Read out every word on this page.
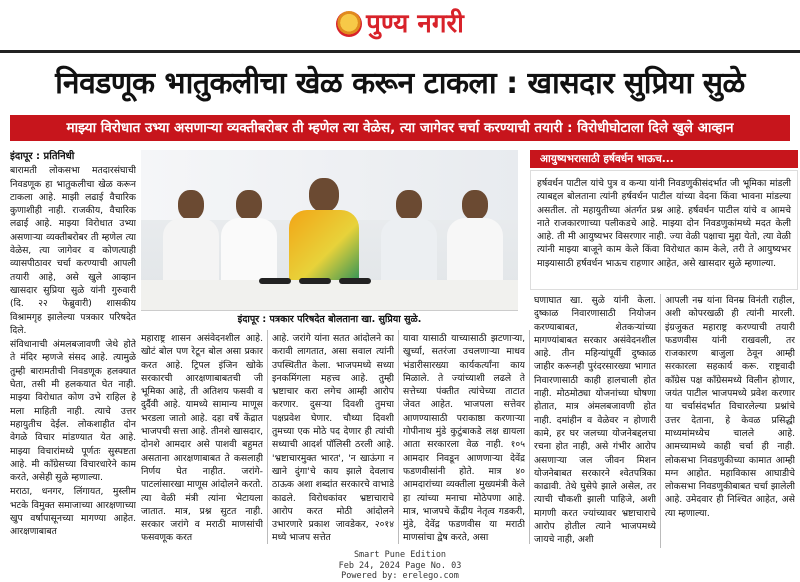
पुण्य नगरी
निवडणूक भातुकलीचा खेळ करून टाकला : खासदार सुप्रिया सुळे
माझ्या विरोधात उभ्या असणाऱ्या व्यक्तीबरोबर ती म्हणेल त्या वेळेस, त्या जागेवर चर्चा करण्याची तयारी : विरोधीघोटाला दिले खुले आव्हान

इंदापूर : प्रतिनिधी

बारामती लोकसभा मतदारसंघाची निवडणूक हा भातुकलीचा खेळ करून टाकला आहे. माझी लढाई वैचारिक कुणाशीही नाही. राजकीय, वैचारिक लढाई आहे. माझ्या विरोधात उभ्या असणाऱ्या व्यक्तीबरोबर ती म्हणेल त्या वेळेस, त्या जागेवर व कोणत्याही व्यासपीठावर चर्चा करण्याची आपली तयारी आहे, असे खुले आव्हान खासदार सुप्रिया सुळे यांनी गुरुवारी (दि. २२ फेब्रुवारी) शासकीय विश्रामगृह झालेल्या पत्रकार परिषदेत दिले.

संविधानाची अंमलबजावणी जेथे होते ते मंदिर म्हणजे संसद आहे. त्यामुळे तुम्ही बारामतीची निवडणूक हलक्यात घेता, तसी मी हलकयात घेत नाही. माझ्या विरोधात कोण उभे राहिल हे मला माहिती नाही. त्याचे उत्तर महायुतीच देईल. लोकशाहीत दोन वेगळे विचार मांडण्यात येत आहे. माझ्या विचारांमध्ये पूर्णतः सुस्पष्टता आहे. मी कॉंग्रेसच्या विचारधारेने काम करते, असेही सुळे म्हणाल्या.

मराठा, धनगर, लिंगायत, मुस्लीम भटके विमुक्त समाजाच्या आरक्षणाच्या खुप वर्षापासूनच्या मागण्या आहेत. आरक्षणाबाबत

इंदापूर : पत्रकार परिषदेत बोलताना खा. सुप्रिया सुळे.
आयुष्यभरासाठी हर्षवर्धन भाऊच...

हर्षवर्धन पाटील यांचे पुत्र व कन्या यांनी निवडणुकीसंदर्भात जी भूमिका मांडली त्याबद्दल बोलताना त्यांनी हर्षवर्धन पाटील यांच्या वेदना किंवा भावना मांडल्या असतील. तो महायुतीच्या अंतर्गत प्रश्न आहे. हर्षवर्धन पाटील यांचे व आमचे नाते राजकारणाच्या पलीकडचे आहे. माझ्या दोन निवडणुकांमध्ये मदत केली आहे. ती मी आयुष्यभर विसरणार नाही. ज्या वेळी पक्षाचा मुद्दा येतो, त्या वेळी त्यांनी माझ्या बाजूने काम केले किंवा विरोधात काम केले, तरी ते आयुष्यभर माझ्यासाठी हर्षवर्धन भाऊच राहणार आहेत, असे खासदार सुळे म्हणाल्या.

महाराष्ट्र शासन असंवेदनशील आहे. खोटं बोल पण रेटून बोल असा प्रकार करत आहे. ट्रिपल इंजिन खोके सरकारची आरक्षणाबाबतची जी भूमिका आहे, ती अतिशय फसवी व दुर्दैवी आहे. यामध्ये सामान्य माणूस भरडला जातो आहे. दहा वर्षे केंद्रात भाजपची सत्ता आहे. तीनशे खासदार, दोनशे आमदार असे पाशवी बहुमत असताना आरक्षणाबाबत ते कसलाही निर्णय घेत नाहीत. जरांगे-पाटलांसारखा माणूस आंदोलने करतो. त्या वेळी मंत्री त्यांना भेटायला जातात. मात्र, प्रश्न सुटत नाही. सरकार जरांगे व मराठी माणसांची फसवणूक करत

आहे. जरांगे यांना सतत आंदोलने का करावी लागतात, असा सवाल त्यांनी उपस्थितीत केला. भाजपमध्ये सध्या इनकमिंगला महत्त्व आहे. तुम्ही भ्रष्टाचार करा लगेच आम्ही आरोप करणार. दुसऱ्या दिवशी तुमचा पक्षप्रवेश घेणार. चौथ्या दिवशी तुमच्या एक मोठे पद देणार ही त्यांची सध्याची आदर्श पॉलिसी ठरली आहे. 'भ्रष्टाचारमुक्त भारत', 'न खाऊंगा न खाने दुंगा'चे काय झाले देवलाच ठाऊक अशा शब्दांत सरकारचे वाभाडे काढले. विरोधकांवर भ्रष्टाचाराचे आरोप करत मोठी आंदोलने उभारणारे प्रकाश जावडेकर, २०१४ मध्ये भाजप सत्तेत

यावा यासाठी याच्यासाठी झटणाऱ्या, खुर्च्या, सतरंजा उचलणाऱ्या माधव भंडारीसारख्या कार्यकर्त्यांना काय मिळाले. ते ज्यांच्याशी लढले ते सत्तेच्या पंक्तीत त्यांचेच्या ताटात जेवत आहेत. भाजपला सत्तेवर आणण्यासाठी पराकाष्ठा करणाऱ्या गोपीनाथ मुंडे कुटुंबाकडे लक्ष द्यायला आता सरकारला वेळ नाही. १०५ आमदार निवडून आणणाऱ्या देवेंद्र फडणवीसांनी होते. मात्र ४० आमदारांच्या व्यक्तीला मुख्यमंत्री केले हा त्यांच्या मनाचा मोठेपणा आहे. मात्र, भाजपचे केंद्रीय नेतृत्व गडकरी, मुंडे, देवेंद्र फडणवीस या मराठी माणसांचा द्वेष करते, असा

घणाघात खा. सुळे यांनी केला. दुष्काळ निवारणासाठी नियोजन करण्याबाबत, शेतकऱ्यांच्या मागण्यांबाबत सरकार असंवेदनशील आहे. तीन महिन्यांपूर्वी दुष्काळ जाहीर करूनही पुरंदरसारख्या भागात निवारणासाठी काही हालचाली होत नाही. मोठमोठ्या योजनांच्या घोषणा होतात, मात्र अंमलबजावणी होत नाही. दमांहीन व वेळेवर न होणारी कामे, हर घर जलच्या योजनेबद्दलचा रचना होत नाही, असे गंभीर आरोप असणाऱ्या जल जीवन मिशन योजनेबाबत सरकारने श्वेतपत्रिका काढावी. तेथे घुसेपे झाले असेल, तर त्याची चौकशी झाली पाहिजे, अशी मागणी करत ज्यांच्यावर भ्रष्टाचाराचे आरोप होतील त्याने भाजपमध्ये जायचे नाही, अशी

आपली नम्र यांना विनम्र विनंती राहील, अशी कोपरखळी ही त्यांनी मारली. इंग्रजुकत महाराष्ट्र करण्याची तयारी फडणवीस यांनी राखवली, तर राजकारण बाजुला ठेवून आम्ही सरकारला सहकार्य करू. राष्ट्रवादी कॉंग्रेस पक्ष कॉंग्रेसमध्ये विलीन होणार, जयंत पाटील भाजपमध्ये प्रवेश करणार या चर्चासंदर्भात विचारलेल्या प्रश्नांचे उत्तर देताना, हे केवळ प्रसिद्धी माध्यमांमध्येच चालले आहे. आमच्यामध्ये काही चर्चा ही नाही. लोकसभा निवडणुकीच्या कामात आम्ही मग्न आहोत. महाविकास आघाडीचे लोकसभा निवडणुकीबाबत चर्चा झालेली आहे. उमेदवार ही निश्चित आहेत, असे त्या म्हणाल्या.

Smart Pune Edition
Feb 24, 2024 Page No. 03
Powered by: erelego.com
